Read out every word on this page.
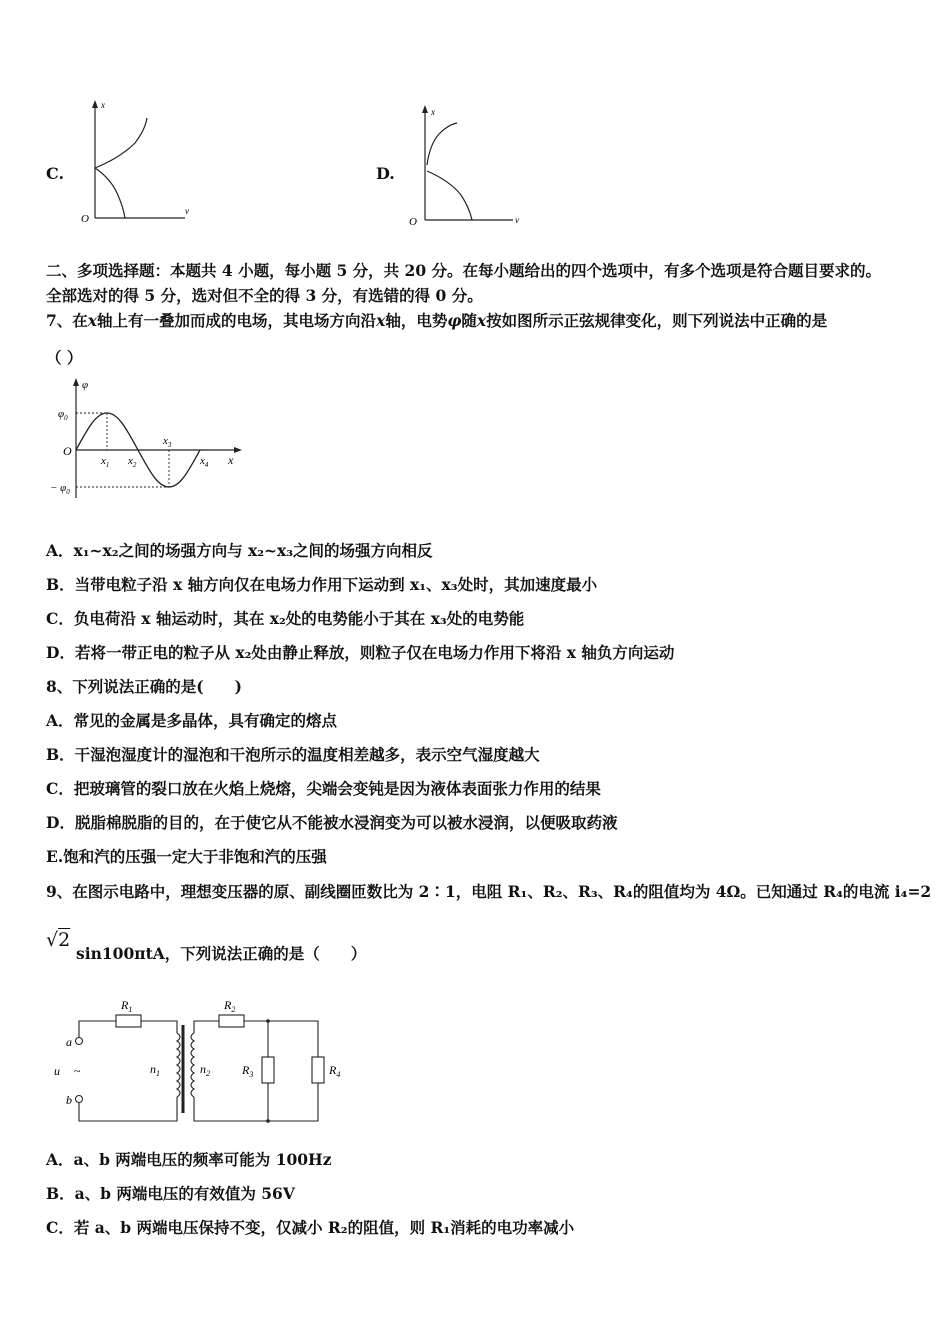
C.
x
v
O
D.
x
v
O
二、多项选择题：本题共 4 小题，每小题 5 分，共 20 分。在每小题给出的四个选项中，有多个选项是符合题目要求的。
全部选对的得 5 分，选对但不全的得 3 分，有选错的得 0 分。
7、在x轴上有一叠加而成的电场，其电场方向沿x轴，电势φ随x按如图所示正弦规律变化，则下列说法中正确的是
（ ）
φ
$\varphi_0$
− $\varphi_0$
O
x
$x_1$ $x_2$
$x_3$
$x_4$
A．x₁~x₂之间的场强方向与 x₂~x₃之间的场强方向相反
B．当带电粒子沿 x 轴方向仅在电场力作用下运动到 x₁、x₃处时，其加速度最小
C．负电荷沿 x 轴运动时，其在 x₂处的电势能小于其在 x₃处的电势能
D．若将一带正电的粒子从 x₂处由静止释放，则粒子仅在电场力作用下将沿 x 轴负方向运动
8、下列说法正确的是(　　)
A．常见的金属是多晶体，具有确定的熔点
B．干湿泡湿度计的湿泡和干泡所示的温度相差越多，表示空气湿度越大
C．把玻璃管的裂口放在火焰上烧熔，尖端会变钝是因为液体表面张力作用的结果
D．脱脂棉脱脂的目的，在于使它从不能被水浸润变为可以被水浸润，以便吸取药液
E.饱和汽的压强一定大于非饱和汽的压强
9、在图示电路中，理想变压器的原、副线圈匝数比为 2∶1，电阻 R₁、R₂、R₃、R₄的阻值均为 4Ω。已知通过 R₄的电流 i₄=2
√2
sin100πtA，下列说法正确的是（　　）
$R_1$	$R_2$
$R_3$	$R_4$
a
b
u ~	$n_1$	$n_2$
A．a、b 两端电压的频率可能为 100Hz
B．a、b 两端电压的有效值为 56V
C．若 a、b 两端电压保持不变，仅减小 R₂的阻值，则 R₁消耗的电功率减小
